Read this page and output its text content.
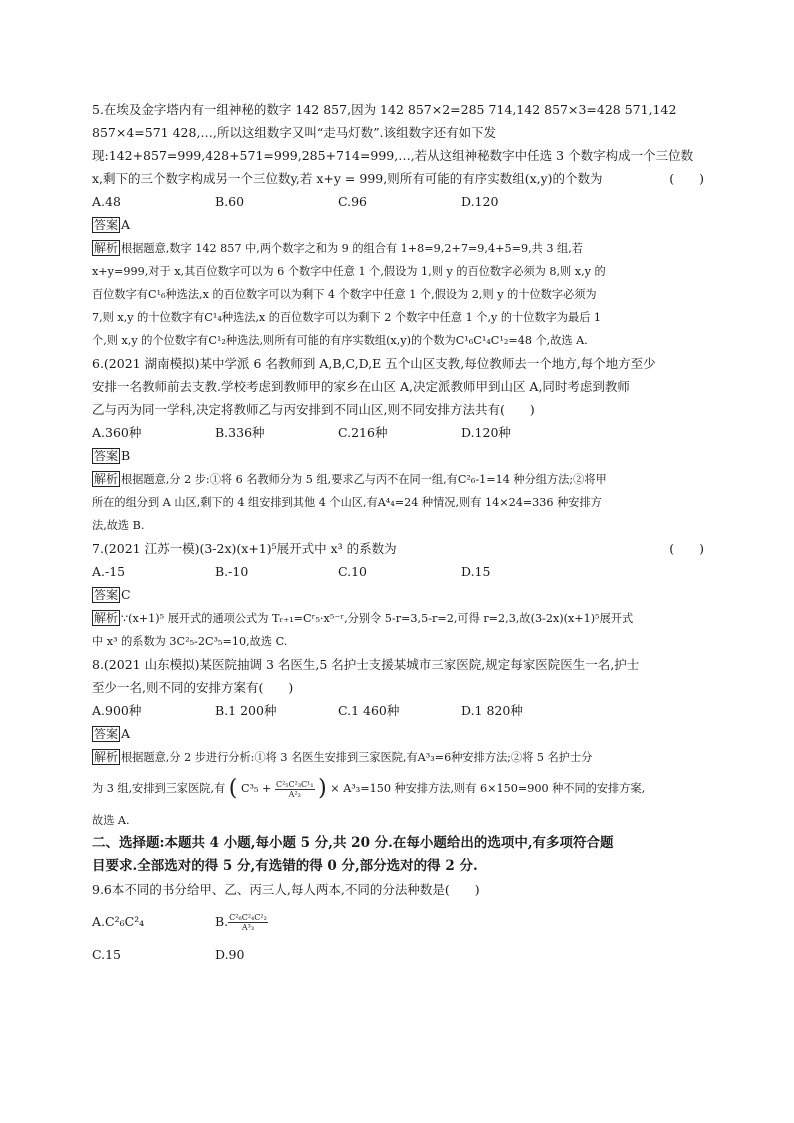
5.在埃及金字塔内有一组神秘的数字 142 857,因为 142 857×2=285 714,142 857×3=428 571,142

857×4=571 428,…,所以这组数字又叫“走马灯数”.该组数字还有如下发

现:142+857=999,428+571=999,285+714=999,…,若从这组神秘数字中任选 3 个数字构成一个三位数

x,剩下的三个数字构成另一个三位数y,若 x+y = 999,则所有可能的有序实数组(x,y)的个数为	(　　)

A.48	B.60	C.96	D.120

答案 A

解析 根据题意,数字 142 857 中,两个数字之和为 9 的组合有 1+8=9,2+7=9,4+5=9,共 3 组,若

x+y=999,对于 x,其百位数字可以为 6 个数字中任意 1 个,假设为 1,则 y 的百位数字必须为 8,则 x,y 的

百位数字有C¹₆种选法,x 的百位数字可以为剩下 4 个数字中任意 1 个,假设为 2,则 y 的十位数字必须为

7,则 x,y 的十位数字有C¹₄种选法,x 的百位数字可以为剩下 2 个数字中任意 1 个,y 的十位数字为最后 1

个,则 x,y 的个位数字有C¹₂种选法,则所有可能的有序实数组(x,y)的个数为C¹₆C¹₄C¹₂=48 个,故选 A.

6.(2021 湖南模拟)某中学派 6 名教师到 A,B,C,D,E 五个山区支教,每位教师去一个地方,每个地方至少

安排一名教师前去支教.学校考虑到教师甲的家乡在山区 A,决定派教师甲到山区 A,同时考虑到教师

乙与丙为同一学科,决定将教师乙与丙安排到不同山区,则不同安排方法共有(　　)

A.360种	B.336种	C.216种	D.120种

答案 B

解析 根据题意,分 2 步:①将 6 名教师分为 5 组,要求乙与丙不在同一组,有C²₆-1=14 种分组方法;②将甲

所在的组分到 A 山区,剩下的 4 组安排到其他 4 个山区,有A⁴₄=24 种情况,则有 14×24=336 种安排方

法,故选 B.

7.(2021 江苏一模)(3-2x)(x+1)⁵展开式中 x³ 的系数为	(　　)

A.-15	B.-10	C.10	D.15

答案 C

解析 ∵(x+1)⁵ 展开式的通项公式为 Tᵣ₊₁=Cʳ₅·x⁵⁻ʳ,分别令 5-r=3,5-r=2,可得 r=2,3,故(3-2x)(x+1)⁵展开式

中 x³ 的系数为 3C²₅-2C³₅=10,故选 C.

8.(2021 山东模拟)某医院抽调 3 名医生,5 名护士支援某城市三家医院,规定每家医院医生一名,护士

至少一名,则不同的安排方案有(　　)

A.900种	B.1 200种	C.1 460种	D.1 820种

答案 A

解析 根据题意,分 2 步进行分析:①将 3 名医生安排到三家医院,有A³₃=6种安排方法;②将 5 名护士分

为 3 组,安排到三家医院,有 ( $C^3_5 + \frac{\text{C²₅C²₃C¹₁}}{\text{A²₂}}$ ) × A³₃=150 种安排方法,则有 6×150=900 种不同的安排方案,

故选 A.

二、选择题:本题共 4 小题,每小题 5 分,共 20 分.在每小题给出的选项中,有多项符合题

目要求.全部选对的得 5 分,有选错的得 0 分,部分选对的得 2 分.

9.6本不同的书分给甲、乙、丙三人,每人两本,不同的分法种数是(　　)

A.C²₆C²₄	B. $\frac{\text{C²₆C²₄C²₂}}{\text{A³₃}}$
C.15	D.90
